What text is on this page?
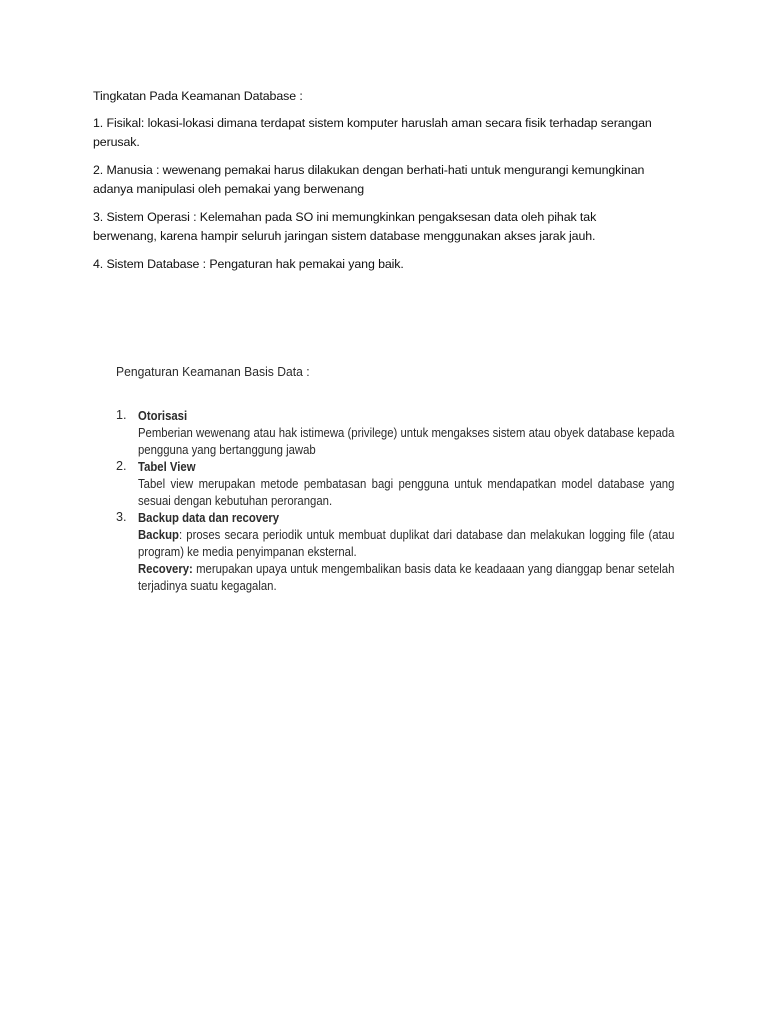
Tingkatan Pada Keamanan Database :

1. Fisikal: lokasi-lokasi dimana terdapat sistem komputer haruslah aman secara fisik terhadap serangan perusak.

2. Manusia : wewenang pemakai harus dilakukan dengan berhati-hati untuk mengurangi kemungkinan adanya manipulasi oleh pemakai yang berwenang

3. Sistem Operasi : Kelemahan pada SO ini memungkinkan pengaksesan data oleh pihak tak berwenang, karena hampir seluruh jaringan sistem database menggunakan akses jarak jauh.

4. Sistem Database : Pengaturan hak pemakai yang baik.

Pengaturan Keamanan Basis Data :
1. Otorisasi
Pemberian wewenang atau hak istimewa (privilege) untuk mengakses sistem atau obyek database kepada pengguna yang bertanggung jawab
2. Tabel View
Tabel view merupakan metode pembatasan bagi pengguna untuk mendapatkan model database yang sesuai dengan kebutuhan perorangan.
3. Backup data dan recovery
Backup: proses secara periodik untuk membuat duplikat dari database dan melakukan logging file (atau program) ke media penyimpanan eksternal.
Recovery: merupakan upaya untuk mengembalikan basis data ke keadaaan yang dianggap benar setelah terjadinya suatu kegagalan.
